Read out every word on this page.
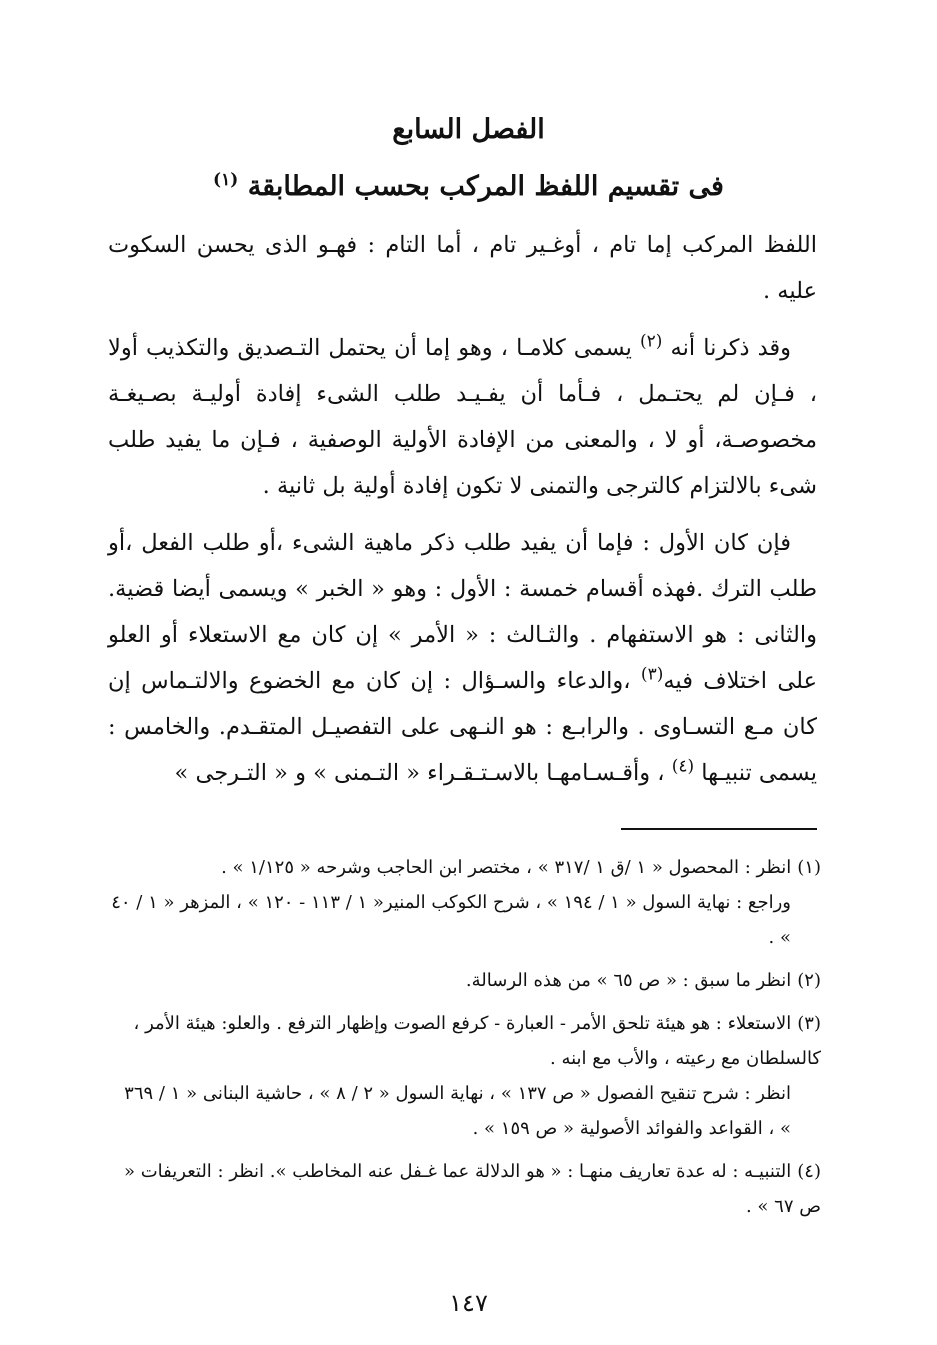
الفصل السابع
فى تقسيم اللفظ المركب بحسب المطابقة $^{(١)}$
اللفظ المركب إما تام ، أوغـير تام ، أما التام : فهـو الذى يحسن السكوت عليه .
وقد ذكرنا أنه $^{(٢)}$ يسمى كلامـا ، وهو إما أن يحتمل التـصديق والتكذيب أولا ، فـإن لم يحتـمل ، فـأما أن يفـيـد طلب الشىء إفادة أوليـة بصـيغـة مخصوصـة، أو لا ، والمعنى من الإفادة الأولية الوصفية ، فـإن ما يفيد طلب شىء بالالتزام كالترجى والتمنى لا تكون إفادة أولية بل ثانية .
فإن كان الأول : فإما أن يفيد طلب ذكر ماهية الشىء ،أو طلب الفعل ،أو طلب الترك .فهذه أقسام خمسة : الأول : وهو « الخبر » ويسمى أيضا قضية. والثانى : هو الاستفهام . والثـالث : « الأمر » إن كان مع الاستعلاء أو العلو على اختلاف فيه$^{(٣)}$ ،والدعاء والسـؤال : إن كان مع الخضوع والالتـماس إن كان مـع التسـاوى . والرابـع : هو النـهى على التفصيـل المتقـدم. والخامس : يسمى تنبيـها $^{(٤)}$ ، وأقـسـامهـا بالاسـتـقـراء « التـمنى » و « التـرجى »
(١)انظر : المحصول « ١ /ق ١ /٣١٧ » ، مختصر ابن الحاجب وشرحه « ١/١٢٥ » .
وراجع : نهاية السول « ١ / ١٩٤ » ، شرح الكوكب المنير« ١ / ١١٣ - ١٢٠ » ، المزهر « ١ / ٤٠ » .
(٢)انظر ما سبق : « ص ٦٥ » من هذه الرسالة.
(٣)الاستعلاء : هو هيئة تلحق الأمر - العبارة - كرفع الصوت وإظهار الترفع . والعلو: هيئة الأمر ، كالسلطان مع رعيته ، والأب مع ابنه .
انظر : شرح تنقيح الفصول « ص ١٣٧ » ، نهاية السول « ٢ / ٨ » ، حاشية البنانى « ١ / ٣٦٩ » ، القواعد والفوائد الأصولية « ص ١٥٩ » .
(٤)التنبيـه : له عدة تعاريف منهـا : « هو الدلالة عما غـفل عنه المخاطب ». انظر : التعريفات « ص ٦٧ » .
١٤٧
